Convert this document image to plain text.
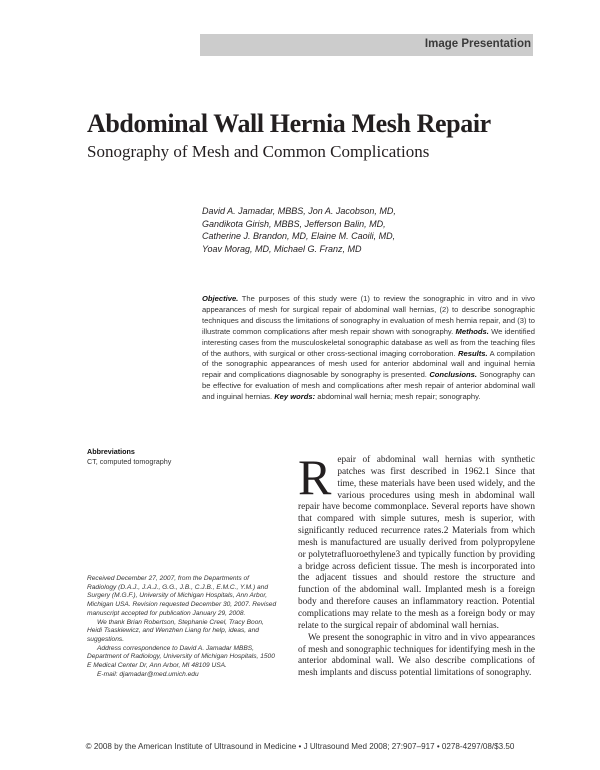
Image Presentation
Abdominal Wall Hernia Mesh Repair
Sonography of Mesh and Common Complications
David A. Jamadar, MBBS, Jon A. Jacobson, MD,
Gandikota Girish, MBBS, Jefferson Balin, MD,
Catherine J. Brandon, MD, Elaine M. Caoili, MD,
Yoav Morag, MD, Michael G. Franz, MD
Objective. The purposes of this study were (1) to review the sonographic in vitro and in vivo appearances of mesh for surgical repair of abdominal wall hernias, (2) to describe sonographic techniques and discuss the limitations of sonography in evaluation of mesh hernia repair, and (3) to illustrate common complications after mesh repair shown with sonography. Methods. We identified interesting cases from the musculoskeletal sonographic database as well as from the teaching files of the authors, with surgical or other cross-sectional imaging corroboration. Results. A compilation of the sonographic appearances of mesh used for anterior abdominal wall and inguinal hernia repair and complications diagnosable by sonography is presented. Conclusions. Sonography can be effective for evaluation of mesh and complications after mesh repair of anterior abdominal wall and inguinal hernias. Key words: abdominal wall hernia; mesh repair; sonography.
Abbreviations
CT, computed tomography

Received December 27, 2007, from the Departments of Radiology (D.A.J., J.A.J., G.G., J.B., C.J.B., E.M.C., Y.M.) and Surgery (M.G.F.), University of Michigan Hospitals, Ann Arbor, Michigan USA. Revision requested December 30, 2007. Revised manuscript accepted for publication January 29, 2008.

We thank Brian Robertson, Stephanie Creel, Tracy Boon, Heidi Tsaskiewicz, and Wenzhen Liang for help, ideas, and suggestions.

Address correspondence to David A. Jamadar MBBS, Department of Radiology, University of Michigan Hospitals, 1500 E Medical Center Dr, Ann Arbor, MI 48109 USA.

E-mail: djamadar@med.umich.edu

Repair of abdominal wall hernias with synthetic patches was first described in 1962.1 Since that time, these materials have been used widely, and the various procedures using mesh in abdominal wall repair have become commonplace. Several reports have shown that compared with simple sutures, mesh is superior, with significantly reduced recurrence rates.2 Materials from which mesh is manufactured are usually derived from polypropylene or polytetrafluoroethylene3 and typically function by providing a bridge across deficient tissue. The mesh is incorporated into the adjacent tissues and should restore the structure and function of the abdominal wall. Implanted mesh is a foreign body and therefore causes an inflammatory reaction. Potential complications may relate to the mesh as a foreign body or may relate to the surgical repair of abdominal wall hernias.

We present the sonographic in vitro and in vivo appearances of mesh and sonographic techniques for identifying mesh in the anterior abdominal wall. We also describe complications of mesh implants and discuss potential limitations of sonography.

© 2008 by the American Institute of Ultrasound in Medicine • J Ultrasound Med 2008; 27:907–917 • 0278-4297/08/$3.50
